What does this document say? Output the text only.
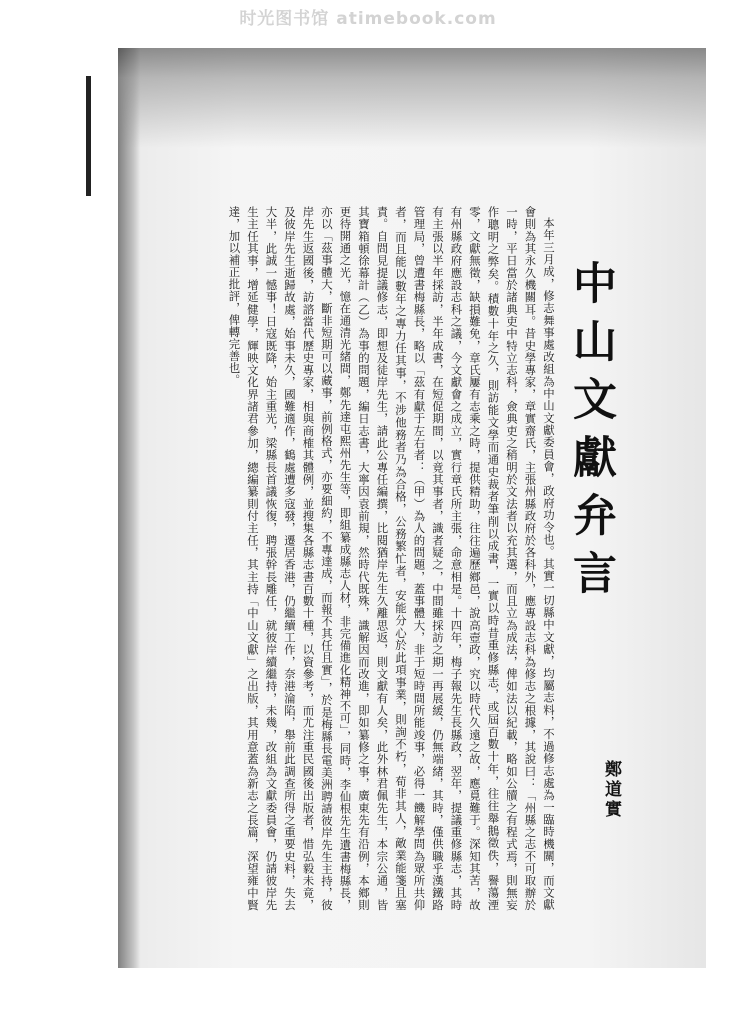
时光图书馆 atimebook.com
中山文獻弁言
鄭道實

本年三月成，修志舞事處改組為中山文獻委員會，政府功令也。其實一切縣中文獻，均屬志料，不過修志處為一臨時機關，而文獻會則為其永久機關耳。昔史學專家，章實齋氏，主張州縣政府於各科外，應專設志科為修志之根據，其說曰：「州縣之志不可取辦於一時，平日當於諸典吏中特立志科，僉典吏之稍明於文法者以充其選，而且立為成法，俾如法以紀載，略如公牘之有程式焉，則無妄作聰明之弊矣。積數十年之久，則訪能文學而通史裁者筆削以成書，一實以時昔重修縣志，或屆百數十年，往往舉鵝徵佚，譽蕩湮零，文獻無徵，缺損難免，章氏屢有志乘之時，提供精助，往往遍歷鄉邑，說高壺政，究以時代久遠之故，應覓難于。深知其苦，故有州縣政府應設志科之議，今文獻會之成立，實行章氏所主張，命意相是。十四年，梅子報先生長縣政，翌年，提議重修縣志，其時有主張以半年採訪，半年成書，在短促期間，以竟其事者，識者疑之，中間雖採訪之期一再展緩，仍無端緒，其時，僅供職乎漢鐵路管理局，曾遭書梅縣長，略以「茲有獻于左右者：（甲）為人的問題，蓋事體大，非于短時間所能竣事，必得一饑解學問為眾所共仰者，而且能以數年之專力任其事，不涉他務者乃為合格，公務繁忙者，安能分心於此項事業，則詢不朽，荀非其人，敵業能箋且塞責。自問見提議修志，即想及徒岸先生，請此公專任編撰，比閱猶岸先生久離思返，則文獻有人矣，此外林君佩先生，本宗公通，皆其寶箱頓徐幕計（乙）為事的問題，編日志書，大寧因袁前規，然時代既殊，識解因而改進，即如纂修之事，廣東先有沿例，本鄉則更待開通之光，憶在通清光緒間，鄭先達屯熙州先生等，即組纂成縣志人材，非完備進化精神不可」，同時，李仙根先生遺書梅縣長，亦以「茲事體大，斷非短期可以藏事，前例格式，亦要細約，不專達成，而報不其任且實」，於是梅縣長電美洲聘請彼岸先生主持，彼岸先生返國後，訪諮當代歷史專家，相與商榷其體例，並搜集各縣志書百數十種，以資參考，而尤注重民國後出版者，惜弘毅未竟，及彼岸先生逝歸故處，始事未久，國難適作，鶴處遭多寇發，遷居香港，仍繼續工作，奈港淪陷，舉前此調查所得之重要史料，失去大半，此誠一憾事！日寇既降，始主重光，梁縣長首議恢復，聘張幹長雕任，就彼岸續繼持，未幾，改組為文獻委員會，仍請彼岸先生主任其事，增延健學，輝映文化界諸君參加，總編纂則付主任，其主持「中山文獻」之出版，其用意蓋為新志之長篇，深望雍中賢達，加以補正批評，俾轉完善也。
